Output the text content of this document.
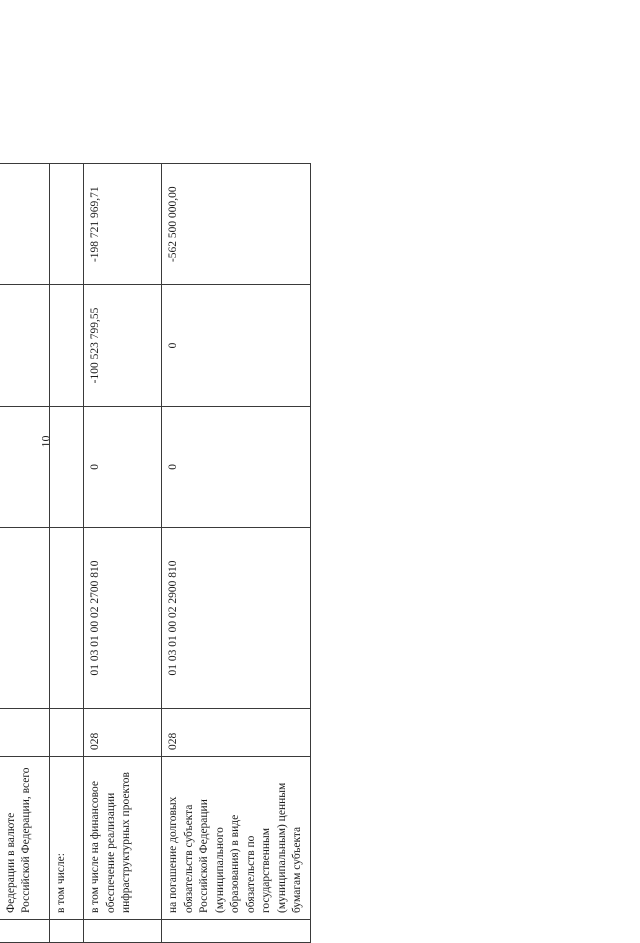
10

	Федерации в валюте Российской Федерации, всего					
	в том числе:					
	в том числе на финансовое обеспечение реализации инфраструктурных проектов	028	01 03 01 00 02 2700 810	0	-100 523 799,55	-198 721 969,71
	на погашение долговых обязательств субъекта Российской Федерации (муниципального образования) в виде обязательств по государственным (муниципальным) ценным бумагам субъекта	028	01 03 01 00 02 2900 810	0	0	-562 500 000,00
